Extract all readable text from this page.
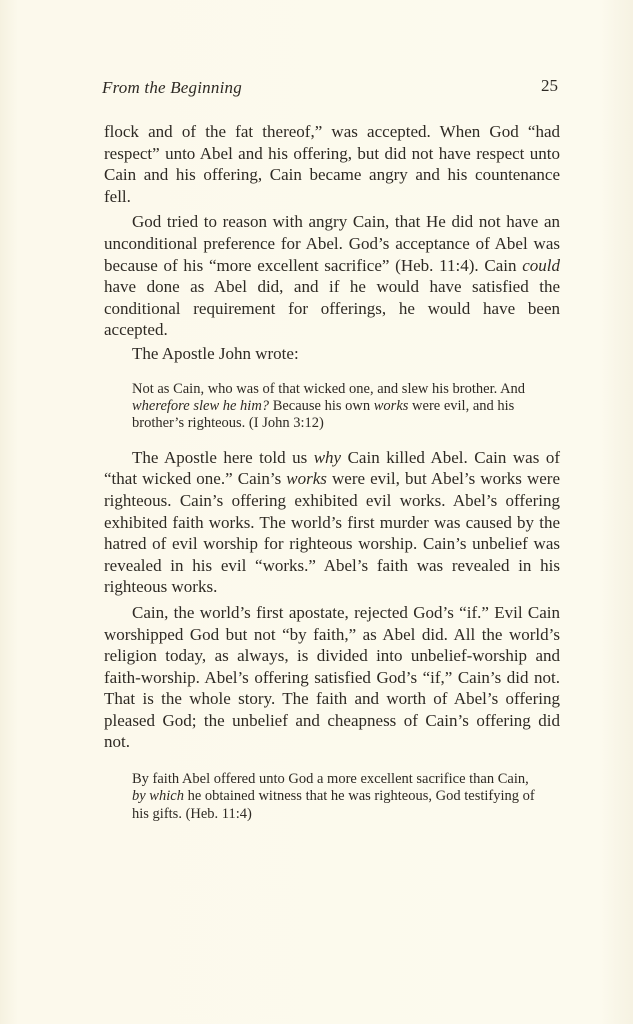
From the Beginning	25

flock and of the fat thereof,” was accepted. When God “had respect” unto Abel and his offering, but did not have respect unto Cain and his offering, Cain became angry and his countenance fell.

God tried to reason with angry Cain, that He did not have an unconditional preference for Abel. God’s acceptance of Abel was because of his “more excellent sacrifice” (Heb. 11:4). Cain could have done as Abel did, and if he would have satisfied the conditional requirement for offerings, he would have been accepted.

The Apostle John wrote:

Not as Cain, who was of that wicked one, and slew his brother. And wherefore slew he him? Because his own works were evil, and his brother’s righteous. (I John 3:12)

The Apostle here told us why Cain killed Abel. Cain was of “that wicked one.” Cain’s works were evil, but Abel’s works were righteous. Cain’s offering exhibited evil works. Abel’s offering exhibited faith works. The world’s first murder was caused by the hatred of evil worship for righteous worship. Cain’s unbelief was revealed in his evil “works.” Abel’s faith was revealed in his righteous works.

Cain, the world’s first apostate, rejected God’s “if.” Evil Cain worshipped God but not “by faith,” as Abel did. All the world’s religion today, as always, is divided into unbelief-worship and faith-worship. Abel’s offering satisfied God’s “if,” Cain’s did not. That is the whole story. The faith and worth of Abel’s offering pleased God; the unbelief and cheapness of Cain’s offering did not.

By faith Abel offered unto God a more excellent sacrifice than Cain, by which he obtained witness that he was righteous, God testifying of his gifts. (Heb. 11:4)
